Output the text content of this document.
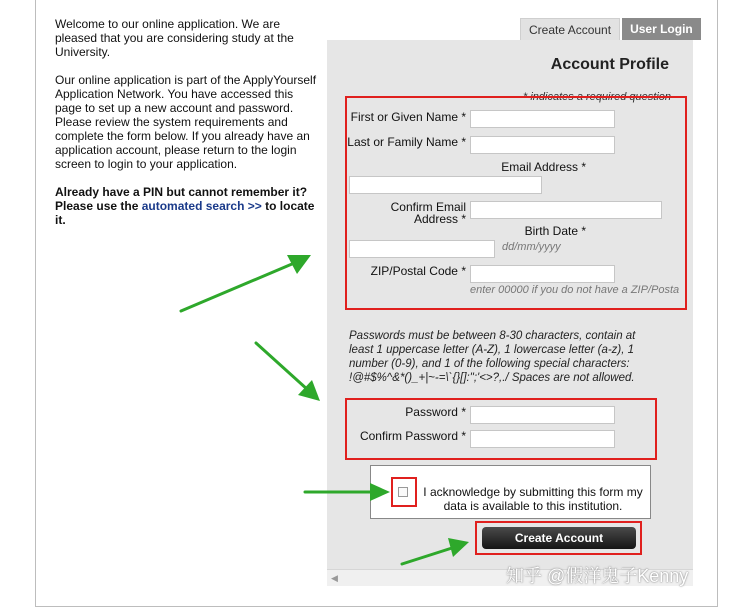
Welcome to our online application. We are pleased that you are considering study at the University.

Our online application is part of the ApplyYourself Application Network. You have accessed this page to set up a new account and password. Please review the system requirements and complete the form below. If you already have an application account, please return to the login screen to login to your application.

Already have a PIN but cannot remember it? Please use the automated search >> to locate it.

Create Account	User Login
Account Profile
* indicates a required question
First or Given Name *
Last or Family Name *
Email Address *
Confirm Email Address *
Birth Date *
dd/mm/yyyy
ZIP/Postal Code *
enter 00000 if you do not have a ZIP/Posta
Passwords must be between 8-30 characters, contain at least 1 uppercase letter (A-Z), 1 lowercase letter (a-z), 1 number (0-9), and 1 of the following special characters: !@#$%^&*()_+|~-=\`{}[]:";'<>?,./ Spaces are not allowed.
Password *
Confirm Password *
I acknowledge by submitting this form my data is available to this institution.
Create Account
◀	知乎 @假洋鬼子Kenny
